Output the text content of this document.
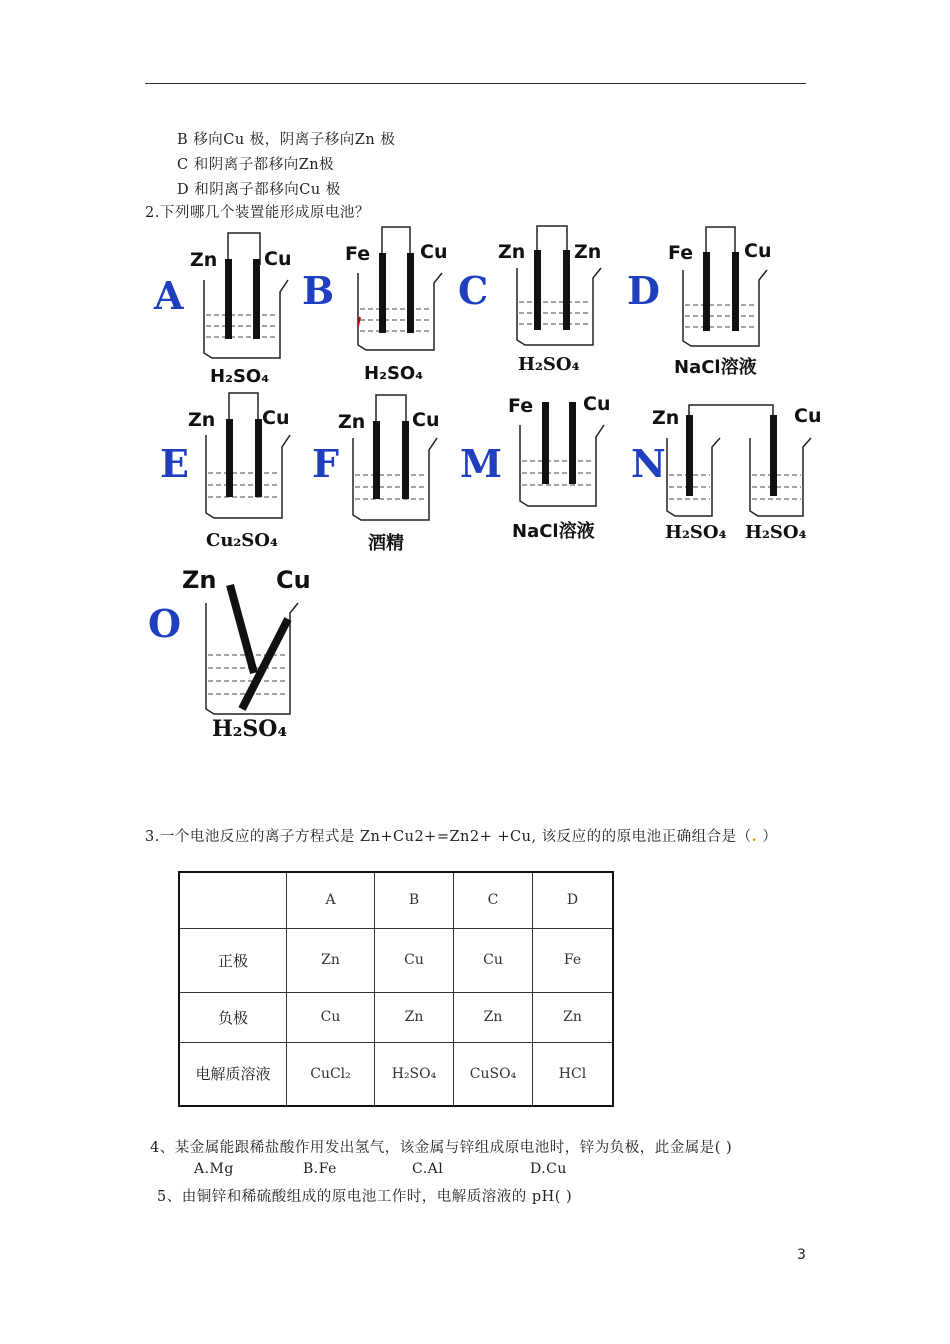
B 移向Cu 极，阴离子移向Zn 极
C 和阴离子都移向Zn极
D 和阴离子都移向Cu 极
2.下列哪几个装置能形成原电池？
A
Zn Cu
H₂SO₄
B
Fe	Cu
H₂SO₄
C
Zn	Zn
H₂SO₄
D
Fe	Cu
NaCl溶液
E
Zn Cu
Cu₂SO₄
F
Zn Cu
酒精
M
Fe	Cu
NaCl溶液
N
Zn	Cu
H₂SO₄ H₂SO₄
O
Zn Cu
H₂SO₄
3.一个电池反应的离子方程式是 Zn+Cu2+=Zn2+ +Cu, 该反应的的原电池正确组合是（. ）
	A	B	C	D
正极	Zn	Cu	Cu	Fe
负极	Cu	Zn	Zn	Zn
电解质溶液	CuCl₂	H₂SO₄	CuSO₄	HCl
4、某金属能跟稀盐酸作用发出氢气，该金属与锌组成原电池时，锌为负极，此金属是( )
A.Mg	B.Fe	C.Al	D.Cu
5、由铜锌和稀硫酸组成的原电池工作时，电解质溶液的 pH( )
3
